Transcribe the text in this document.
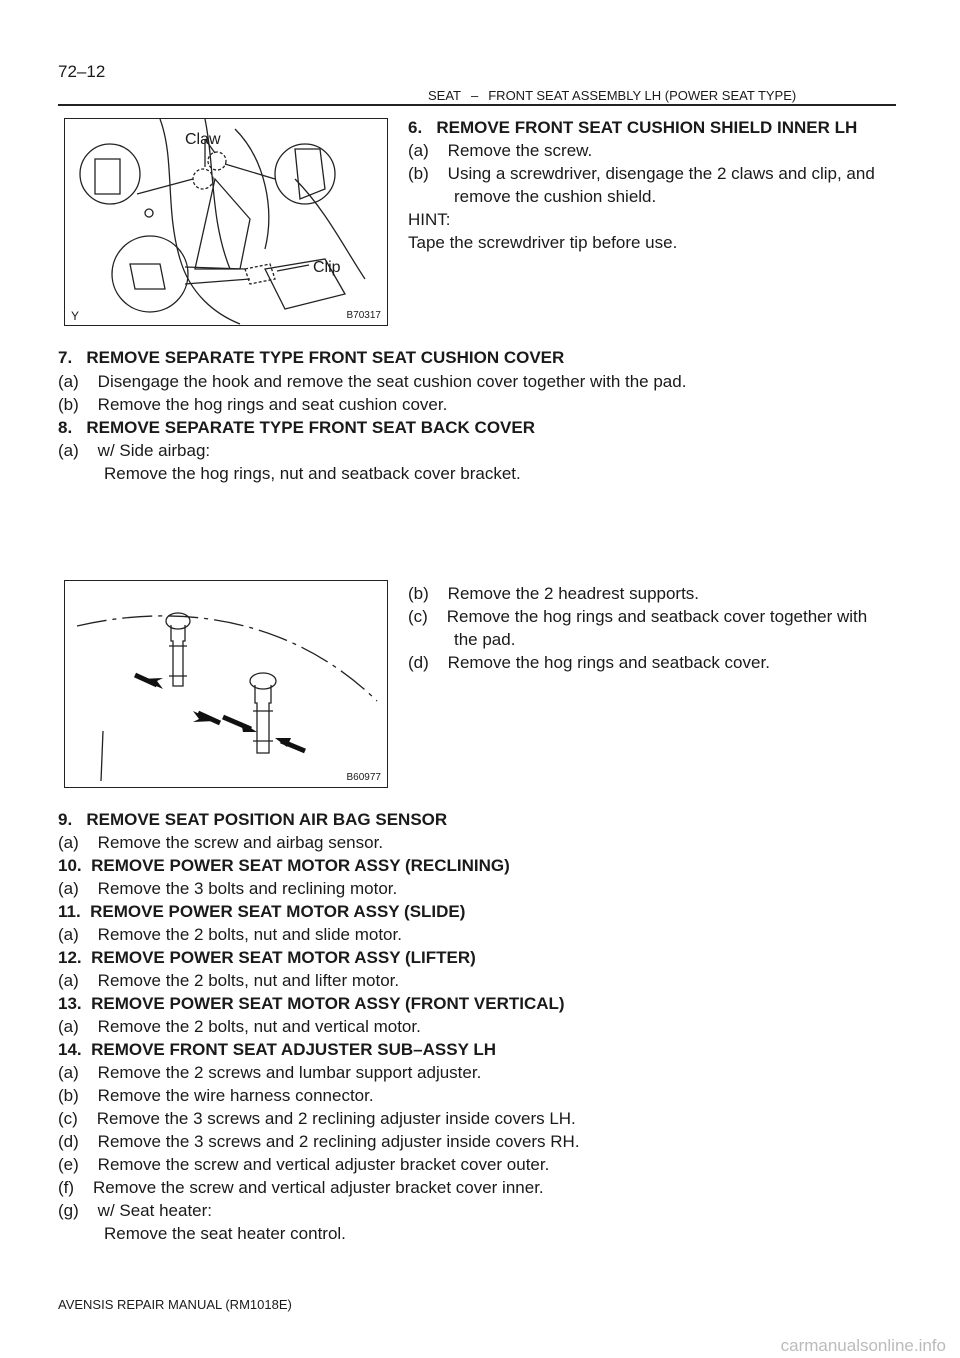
72–12
SEAT – FRONT SEAT ASSEMBLY LH (POWER SEAT TYPE)
Claw
Clip
Y	B70317
6.   REMOVE FRONT SEAT CUSHION SHIELD INNER LH
(a)    Remove the screw.
(b)    Using a screwdriver, disengage the 2 claws and clip, and
remove the cushion shield.
HINT:
Tape the screwdriver tip before use.
7.   REMOVE SEPARATE TYPE FRONT SEAT CUSHION COVER
(a)    Disengage the hook and remove the seat cushion cover together with the pad.
(b)    Remove the hog rings and seat cushion cover.
8.   REMOVE SEPARATE TYPE FRONT SEAT BACK COVER
(a)    w/ Side airbag:
Remove the hog rings, nut and seatback cover bracket.
B60977
(b)    Remove the 2 headrest supports.
(c)    Remove the hog rings and seatback cover together with
the pad.
(d)    Remove the hog rings and seatback cover.
9.   REMOVE SEAT POSITION AIR BAG SENSOR
(a)    Remove the screw and airbag sensor.
10.  REMOVE POWER SEAT MOTOR ASSY (RECLINING)
(a)    Remove the 3 bolts and reclining motor.
11.  REMOVE POWER SEAT MOTOR ASSY (SLIDE)
(a)    Remove the 2 bolts, nut and slide motor.
12.  REMOVE POWER SEAT MOTOR ASSY (LIFTER)
(a)    Remove the 2 bolts, nut and lifter motor.
13.  REMOVE POWER SEAT MOTOR ASSY (FRONT VERTICAL)
(a)    Remove the 2 bolts, nut and vertical motor.
14.  REMOVE FRONT SEAT ADJUSTER SUB–ASSY LH
(a)    Remove the 2 screws and lumbar support adjuster.
(b)    Remove the wire harness connector.
(c)    Remove the 3 screws and 2 reclining adjuster inside covers LH.
(d)    Remove the 3 screws and 2 reclining adjuster inside covers RH.
(e)    Remove the screw and vertical adjuster bracket cover outer.
(f)    Remove the screw and vertical adjuster bracket cover inner.
(g)    w/ Seat heater:
Remove the seat heater control.
AVENSIS REPAIR MANUAL (RM1018E)
carmanualsonline.info
